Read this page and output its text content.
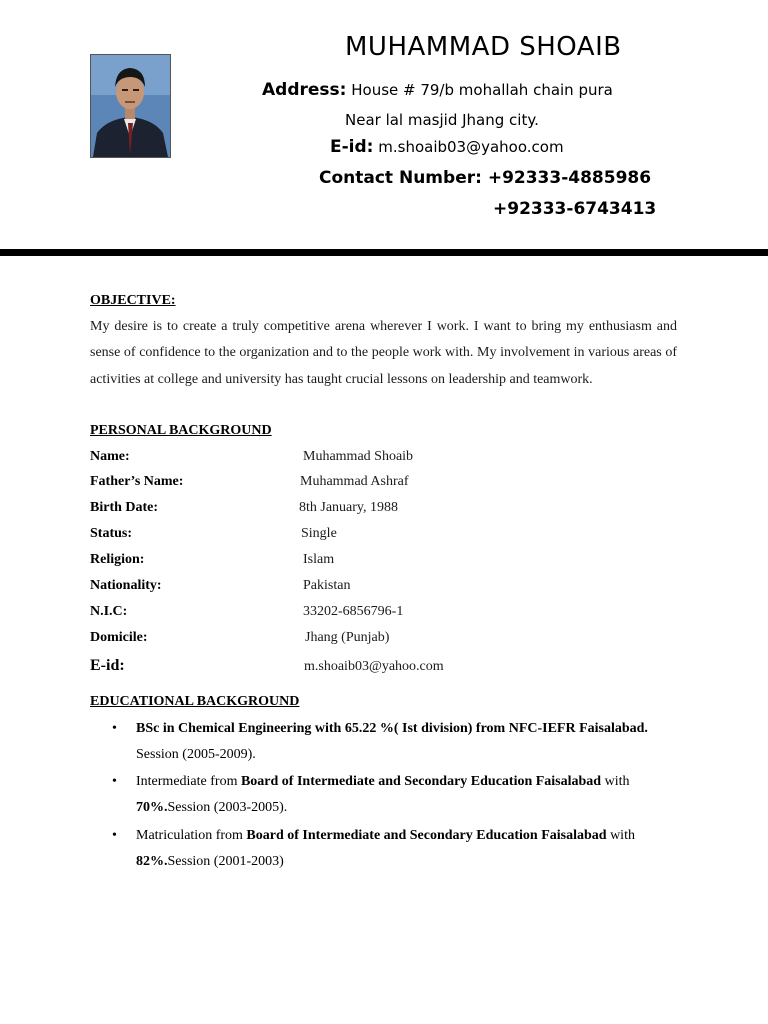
MUHAMMAD SHOAIB
Address: House # 79/b mohallah chain pura
Near lal masjid Jhang city.
E-id: m.shoaib03@yahoo.com
Contact Number: +92333-4885986
+92333-6743413
OBJECTIVE:
My desire is to create a truly competitive arena wherever I work. I want to bring my enthusiasm and sense of confidence to the organization and to the people work with. My involvement in various areas of activities at college and university has taught crucial lessons on leadership and teamwork.
PERSONAL BACKGROUND
Name:	Muhammad Shoaib
Father’s Name:	Muhammad Ashraf
Birth Date:	8th January, 1988
Status:	Single
Religion:	Islam
Nationality:	Pakistan
N.I.C:	33202-6856796-1
Domicile:	Jhang (Punjab)
E-id:	m.shoaib03@yahoo.com
EDUCATIONAL BACKGROUND
• BSc in Chemical Engineering with 65.22 %( Ist division) from NFC-IEFR Faisalabad. Session (2005-2009).
• Intermediate from Board of Intermediate and Secondary Education Faisalabad with 70%.Session (2003-2005).
• Matriculation from Board of Intermediate and Secondary Education Faisalabad with 82%.Session (2001-2003)
